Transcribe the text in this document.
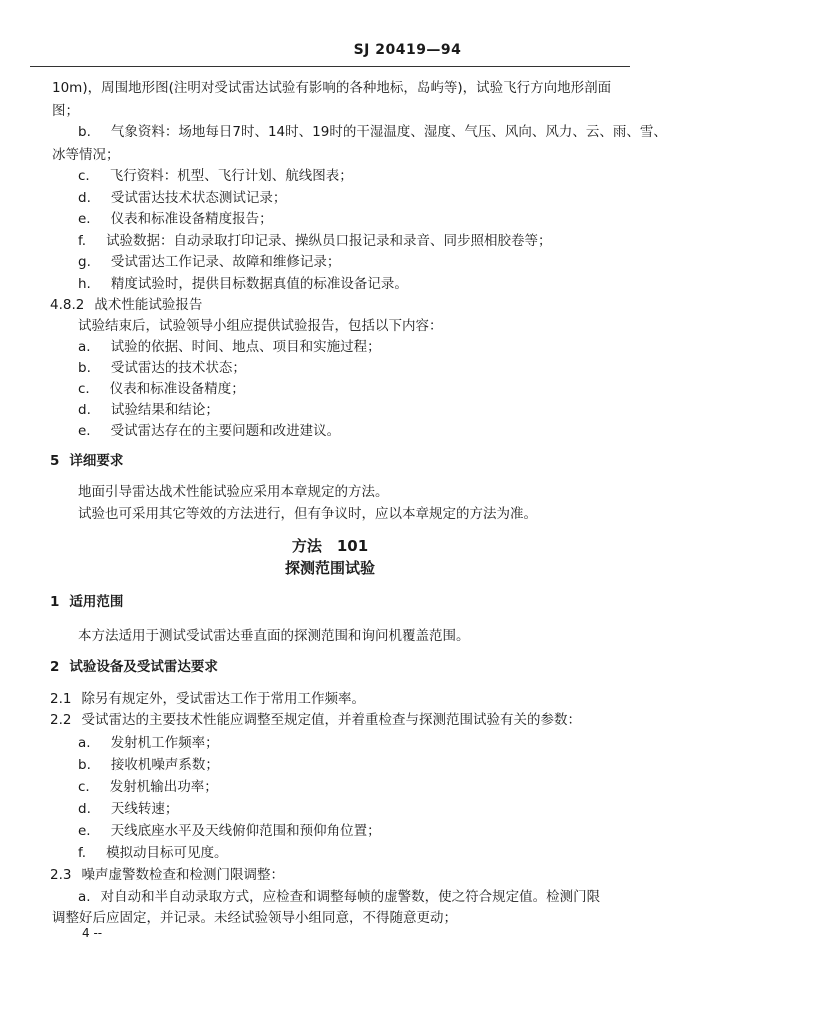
SJ 20419—94
10m)，周围地形图(注明对受试雷达试验有影响的各种地标，岛屿等)，试验飞行方向地形剖面
图；
b. 气象资料：场地每日7时、14时、19时的干湿温度、湿度、气压、风向、风力、云、雨、雪、
冰等情况；
c. 飞行资料：机型、飞行计划、航线图表；
d. 受试雷达技术状态测试记录；
e. 仪表和标准设备精度报告；
f. 试验数据：自动录取打印记录、操纵员口报记录和录音、同步照相胶卷等；
g. 受试雷达工作记录、故障和维修记录；
h. 精度试验时，提供目标数据真值的标准设备记录。
4.8.2 战术性能试验报告
试验结束后，试验领导小组应提供试验报告，包括以下内容：
a. 试验的依据、时间、地点、项目和实施过程；
b. 受试雷达的技术状态；
c. 仪表和标准设备精度；
d. 试验结果和结论；
e. 受试雷达存在的主要问题和改进建议。
5 详细要求
地面引导雷达战术性能试验应采用本章规定的方法。
试验也可采用其它等效的方法进行，但有争议时，应以本章规定的方法为准。
方法　101
探测范围试验
1 适用范围
本方法适用于测试受试雷达垂直面的探测范围和询问机覆盖范围。
2 试验设备及受试雷达要求
2.1 除另有规定外，受试雷达工作于常用工作频率。
2.2 受试雷达的主要技术性能应调整至规定值，并着重检查与探测范围试验有关的参数：
a. 发射机工作频率；
b. 接收机噪声系数；
c. 发射机输出功率；
d. 天线转速；
e. 天线底座水平及天线俯仰范围和预仰角位置；
f. 模拟动目标可见度。
2.3 噪声虚警数检查和检测门限调整：
a. 对自动和半自动录取方式，应检查和调整每帧的虚警数，使之符合规定值。检测门限
调整好后应固定，并记录。未经试验领导小组同意，不得随意更动；
4 --
